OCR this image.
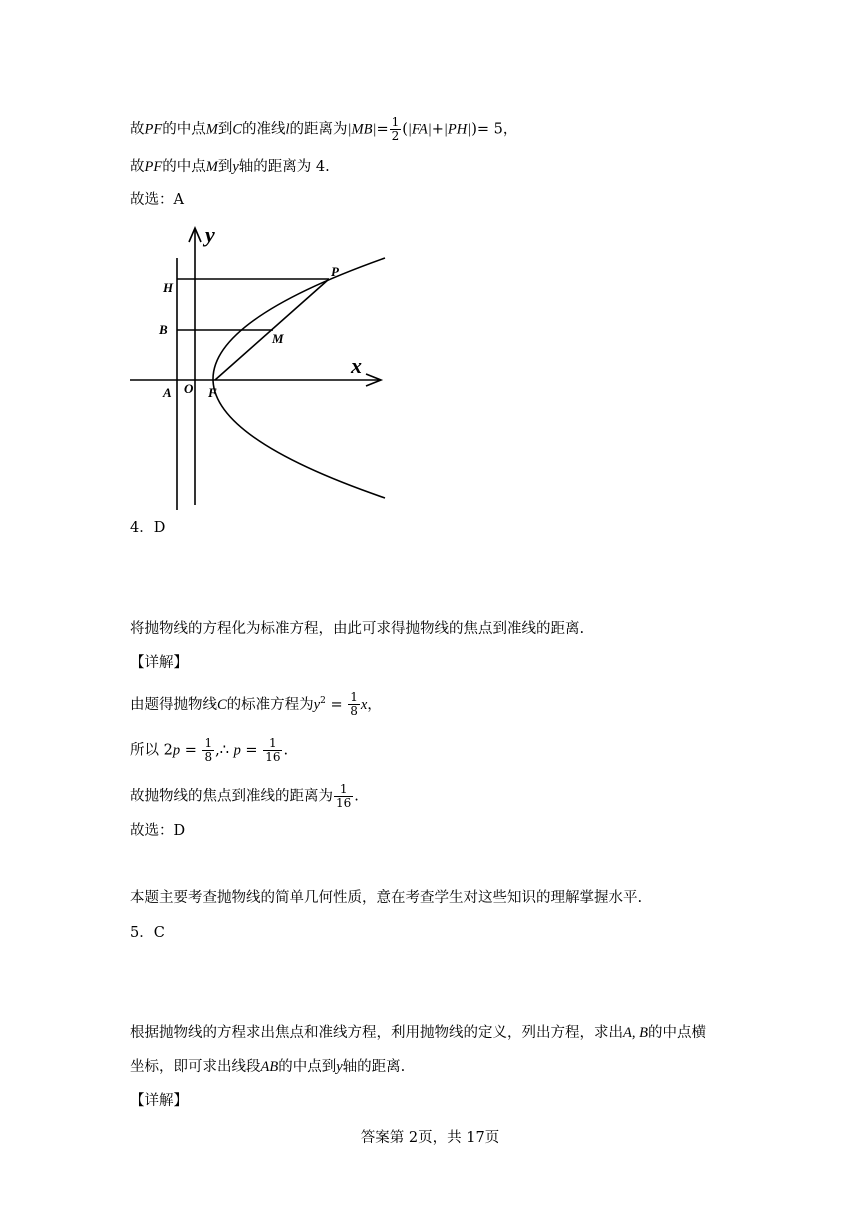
故PF的中点M到C的准线l的距离为$|MB|= \frac{1}{2} (|FA|+|PH|)= 5$，
故PF的中点M到y轴的距离为 4.
故选：A
y
x
H
B
A O F
P
M
4．D
将抛物线的方程化为标准方程，由此可求得抛物线的焦点到准线的距离.
【详解】
由题得抛物线C的标准方程为$y^2 = \frac{1}{8}$ x，
所以 $2p = \frac{1}{8}$ ,∴ $p = \frac{1}{16}$ .
故抛物线的焦点到准线的距离为 $\frac{1}{16}$ .
故选：D
本题主要考查抛物线的简单几何性质，意在考查学生对这些知识的理解掌握水平.
5．C
根据抛物线的方程求出焦点和准线方程，利用抛物线的定义，列出方程，求出A, B的中点横
坐标，即可求出线段AB的中点到y轴的距离.
【详解】
答案第 2页，共 17页
